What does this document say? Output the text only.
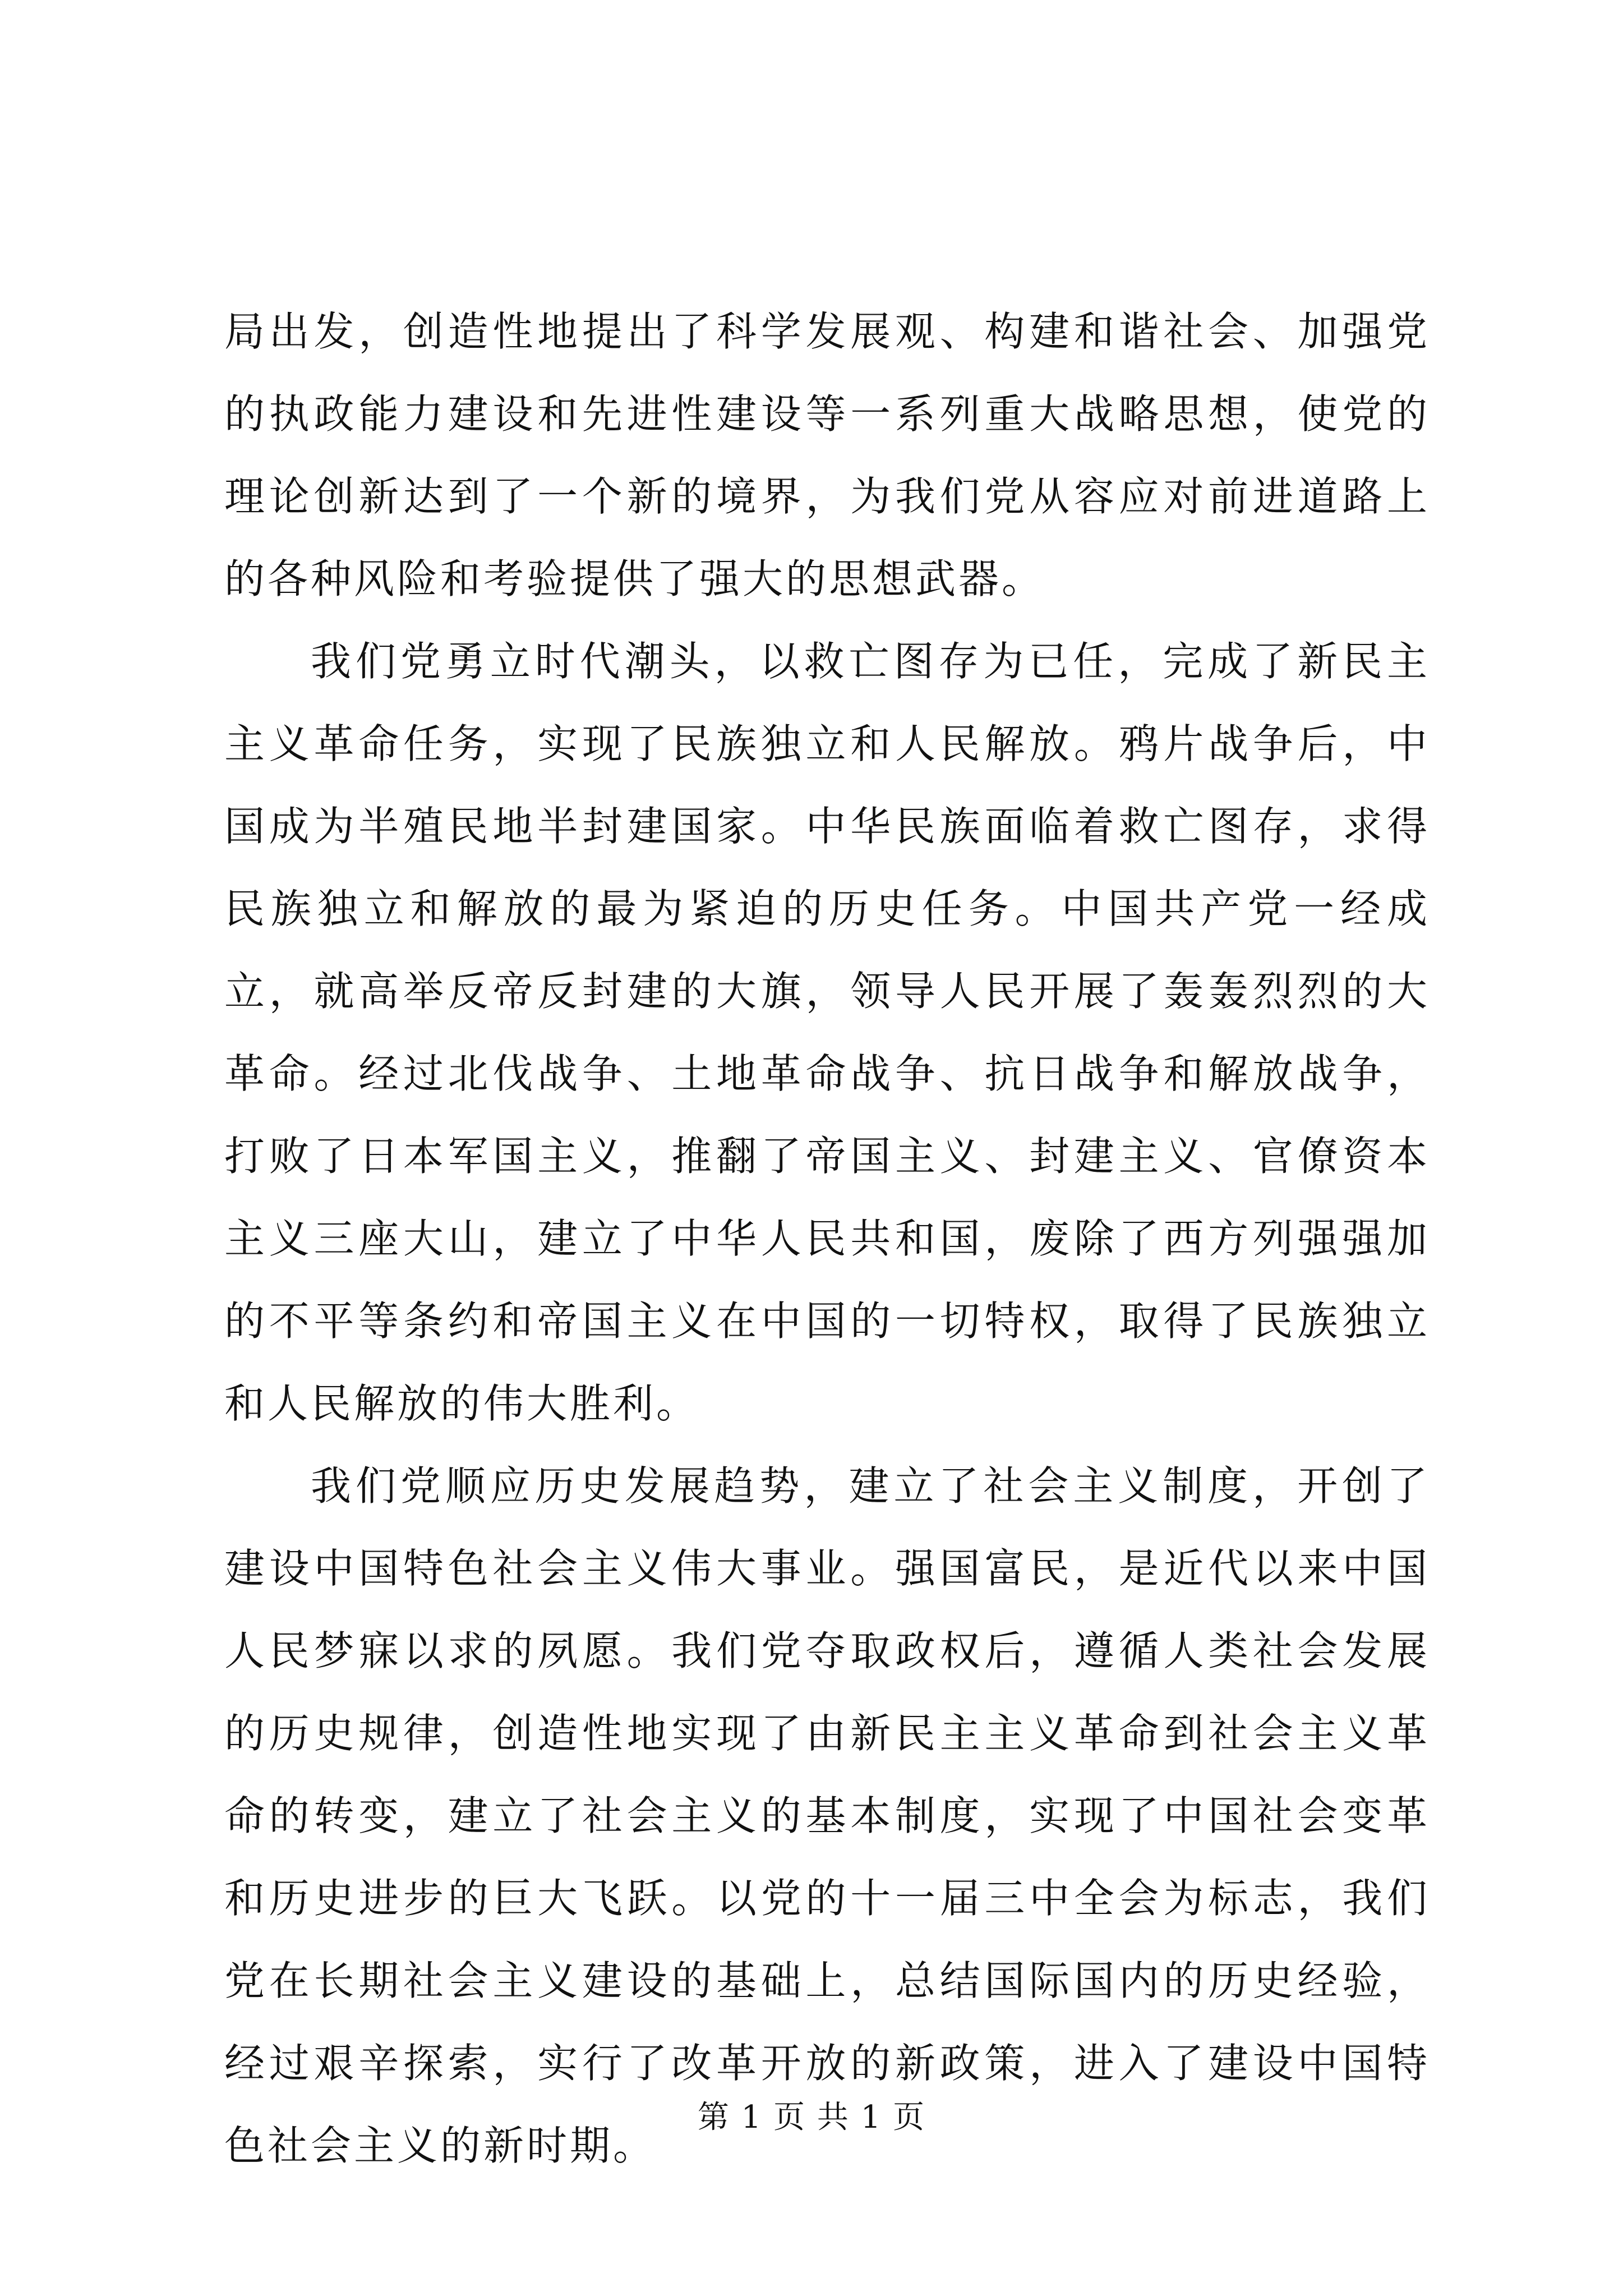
局出发，创造性地提出了科学发展观、构建和谐社会、加强党的执政能力建设和先进性建设等一系列重大战略思想，使党的理论创新达到了一个新的境界，为我们党从容应对前进道路上的各种风险和考验提供了强大的思想武器。

我们党勇立时代潮头，以救亡图存为已任，完成了新民主主义革命任务，实现了民族独立和人民解放。鸦片战争后，中国成为半殖民地半封建国家。中华民族面临着救亡图存，求得民族独立和解放的最为紧迫的历史任务。中国共产党一经成立，就高举反帝反封建的大旗，领导人民开展了轰轰烈烈的大革命。经过北伐战争、土地革命战争、抗日战争和解放战争，打败了日本军国主义，推翻了帝国主义、封建主义、官僚资本主义三座大山，建立了中华人民共和国，废除了西方列强强加的不平等条约和帝国主义在中国的一切特权，取得了民族独立和人民解放的伟大胜利。

我们党顺应历史发展趋势，建立了社会主义制度，开创了建设中国特色社会主义伟大事业。强国富民，是近代以来中国人民梦寐以求的夙愿。我们党夺取政权后，遵循人类社会发展的历史规律，创造性地实现了由新民主主义革命到社会主义革命的转变，建立了社会主义的基本制度，实现了中国社会变革和历史进步的巨大飞跃。以党的十一届三中全会为标志，我们党在长期社会主义建设的基础上，总结国际国内的历史经验，经过艰辛探索，实行了改革开放的新政策，进入了建设中国特色社会主义的新时期。

第 1 页 共 1 页
